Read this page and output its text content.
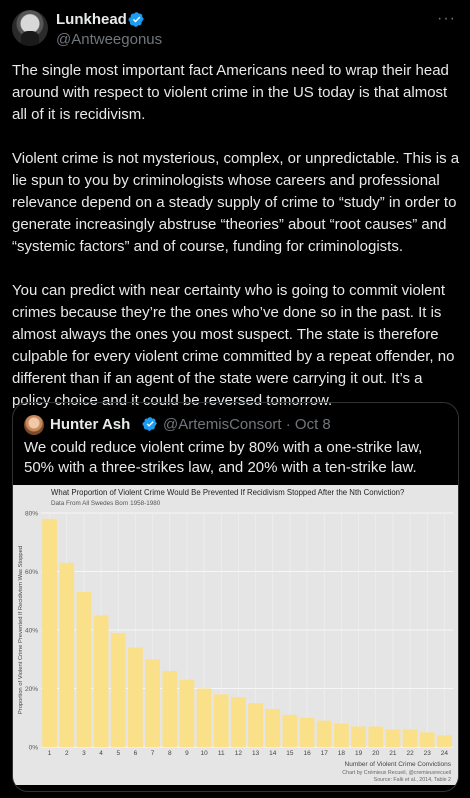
Lunkhead
@Antweegonus
···

The single most important fact Americans need to wrap their head around with respect to violent crime in the US today is that almost all of it is recidivism.

Violent crime is not mysterious, complex, or unpredictable. This is a lie spun to you by criminologists whose careers and professional relevance depend on a steady supply of crime to “study” in order to generate increasingly abstruse “theories” about “root causes” and “systemic factors” and of course, funding for criminologists.

You can predict with near certainty who is going to commit violent crimes because they’re the ones who’ve done so in the past. It is almost always the ones you most suspect. The state is therefore culpable for every violent crime committed by a repeat offender, no different than if an agent of the state were carrying it out. It’s a policy choice and it could be reversed tomorrow.

Hunter Ash @ArtemisConsort · Oct 8
We could reduce violent crime by 80% with a one-strike law, 50% with a three-strikes law, and 20% with a ten-strike law.
0%
20%
40%
60%
80%
1 2 3 4 5 6 7 8 9 10 11 12 13 14 15 16 17 18 19 20 21 22 23 24
What Proportion of Violent Crime Would Be Prevented If Recidivism Stopped After the Nth Conviction?
Data From All Swedes Born 1958-1980
Proportion of Violent Crime Prevented If Recidivism Was Stopped
Number of Violent Crime Convictions
Chart by Crémieux Recueil, @cremieuxrecueil
Source: Falk et al., 2014, Table 2
